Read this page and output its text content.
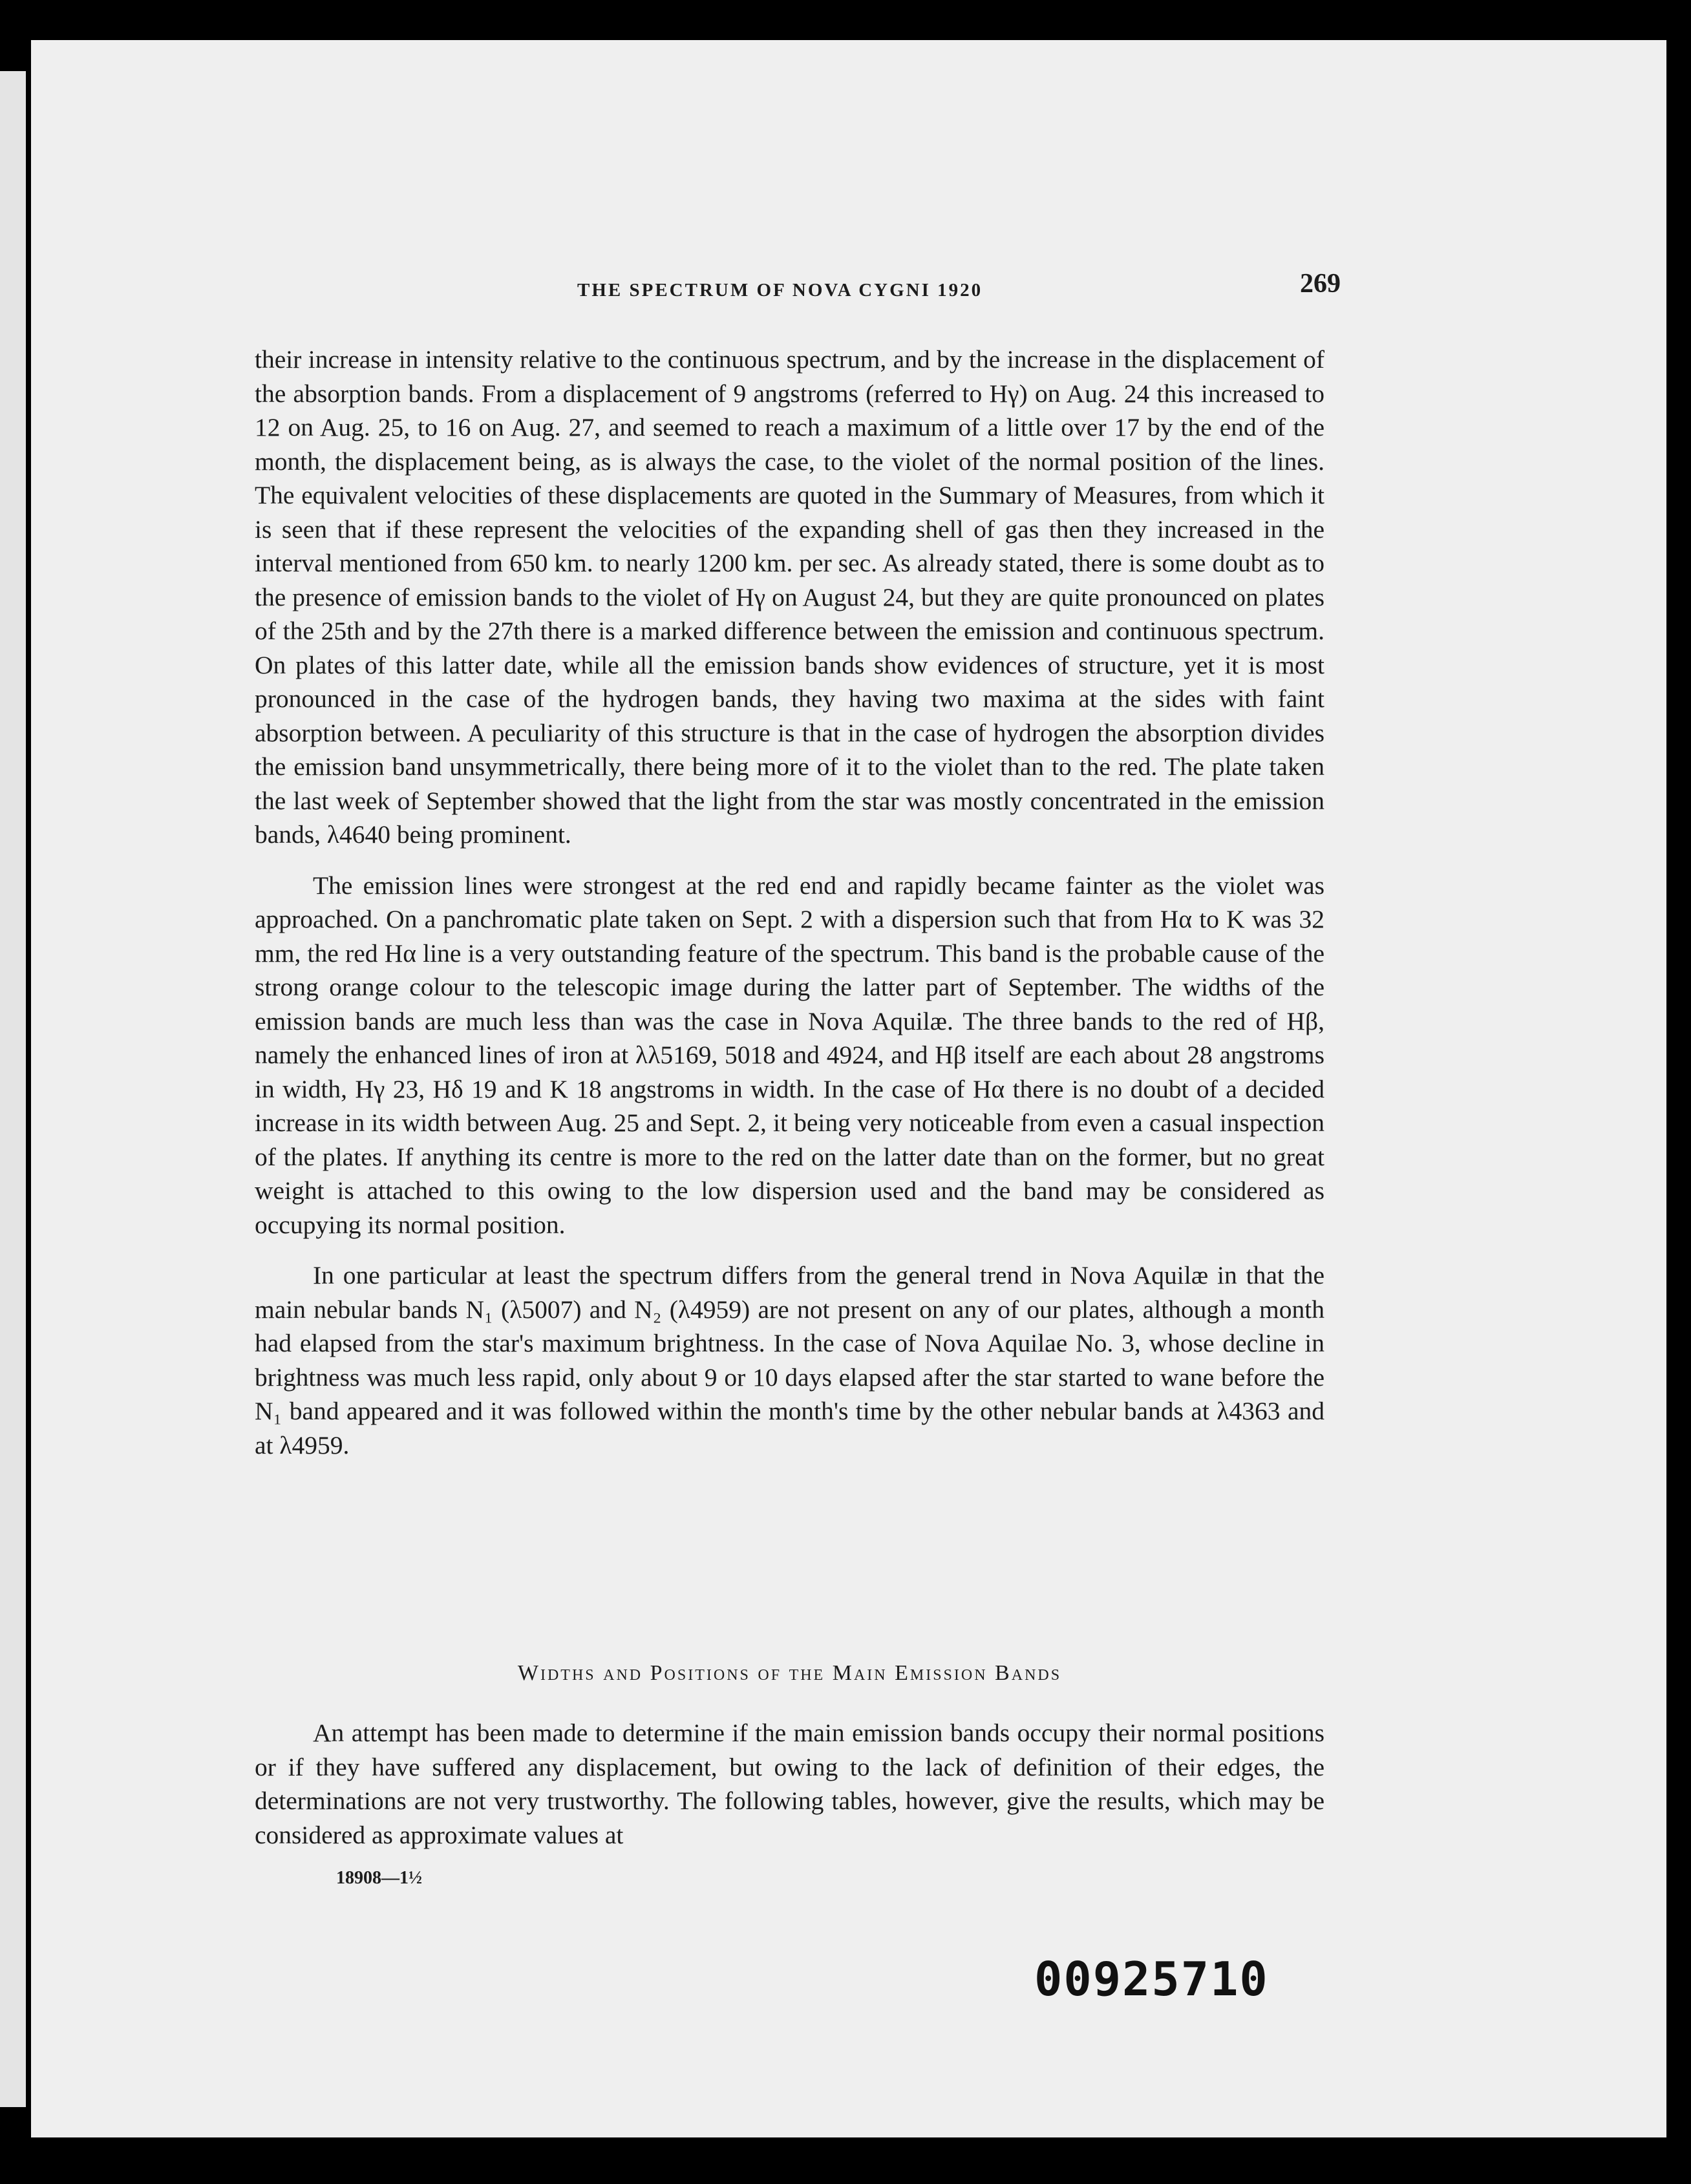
THE SPECTRUM OF NOVA CYGNI 1920	269

their increase in intensity relative to the continuous spectrum, and by the increase in the displacement of the absorption bands. From a displacement of 9 angstroms (referred to Hγ) on Aug. 24 this increased to 12 on Aug. 25, to 16 on Aug. 27, and seemed to reach a maximum of a little over 17 by the end of the month, the displacement being, as is always the case, to the violet of the normal position of the lines. The equivalent velocities of these displacements are quoted in the Summary of Measures, from which it is seen that if these represent the velocities of the expanding shell of gas then they increased in the interval mentioned from 650 km. to nearly 1200 km. per sec. As already stated, there is some doubt as to the presence of emission bands to the violet of Hγ on August 24, but they are quite pronounced on plates of the 25th and by the 27th there is a marked difference between the emission and continuous spectrum. On plates of this latter date, while all the emission bands show evidences of structure, yet it is most pronounced in the case of the hydrogen bands, they having two maxima at the sides with faint absorption between. A peculiarity of this structure is that in the case of hydrogen the absorption divides the emission band unsymmetrically, there being more of it to the violet than to the red. The plate taken the last week of September showed that the light from the star was mostly concentrated in the emission bands, λ4640 being prominent.

The emission lines were strongest at the red end and rapidly became fainter as the violet was approached. On a panchromatic plate taken on Sept. 2 with a dispersion such that from Hα to K was 32 mm, the red Hα line is a very outstanding feature of the spectrum. This band is the probable cause of the strong orange colour to the telescopic image during the latter part of September. The widths of the emission bands are much less than was the case in Nova Aquilæ. The three bands to the red of Hβ, namely the enhanced lines of iron at λλ5169, 5018 and 4924, and Hβ itself are each about 28 angstroms in width, Hγ 23, Hδ 19 and K 18 angstroms in width. In the case of Hα there is no doubt of a decided increase in its width between Aug. 25 and Sept. 2, it being very noticeable from even a casual inspection of the plates. If anything its centre is more to the red on the latter date than on the former, but no great weight is attached to this owing to the low dispersion used and the band may be considered as occupying its normal position.

In one particular at least the spectrum differs from the general trend in Nova Aquilæ in that the main nebular bands N₁ (λ5007) and N₂ (λ4959) are not present on any of our plates, although a month had elapsed from the star's maximum brightness. In the case of Nova Aquilae No. 3, whose decline in brightness was much less rapid, only about 9 or 10 days elapsed after the star started to wane before the N₁ band appeared and it was followed within the month's time by the other nebular bands at λ4363 and at λ4959.

Widths and Positions of the Main Emission Bands

An attempt has been made to determine if the main emission bands occupy their normal positions or if they have suffered any displacement, but owing to the lack of definition of their edges, the determinations are not very trustworthy. The following tables, however, give the results, which may be considered as approximate values at

18908—1½
00925710
